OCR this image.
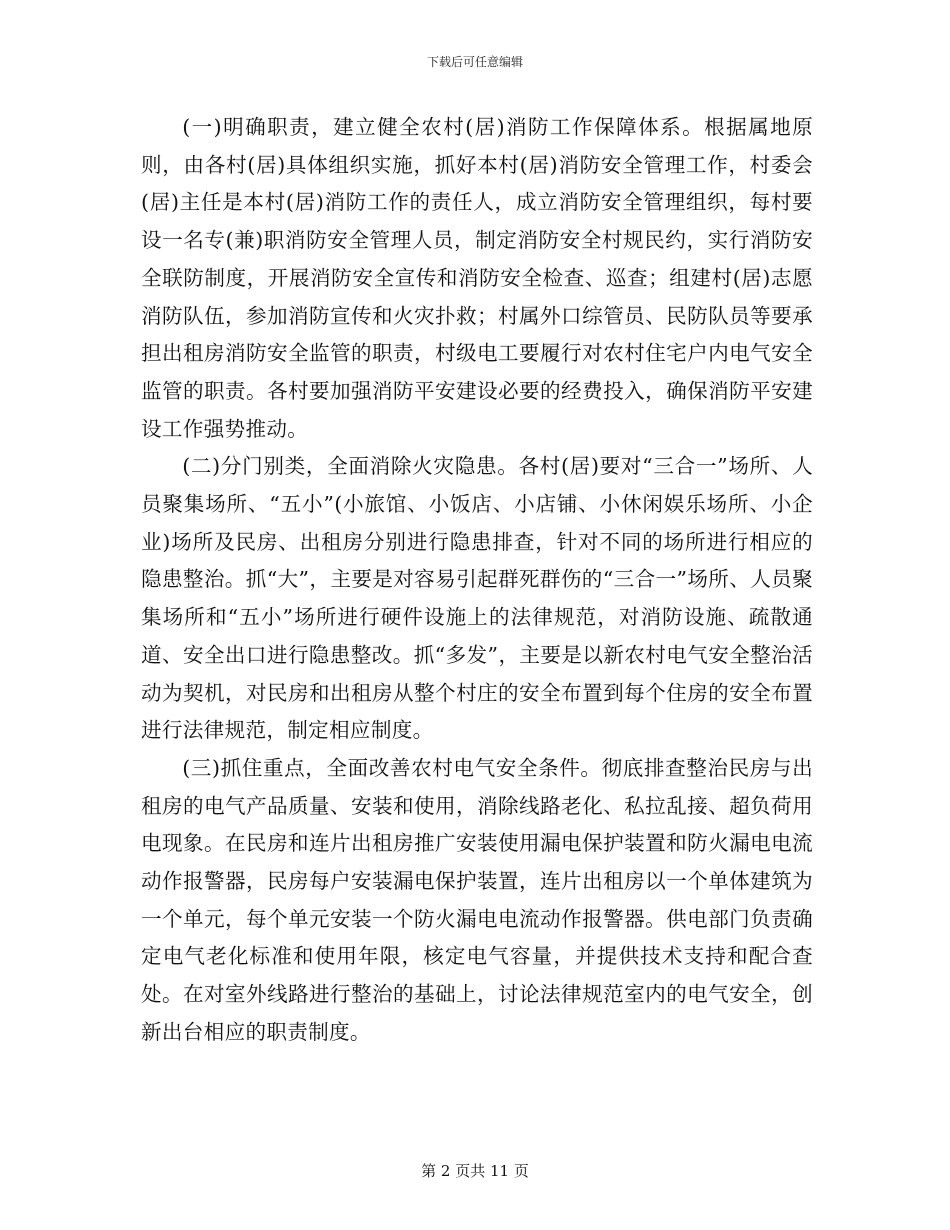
下载后可任意编辑

(一)明确职责，建立健全农村(居)消防工作保障体系。根据属地原则，由各村(居)具体组织实施，抓好本村(居)消防安全管理工作，村委会(居)主任是本村(居)消防工作的责任人，成立消防安全管理组织，每村要设一名专(兼)职消防安全管理人员，制定消防安全村规民约，实行消防安全联防制度，开展消防安全宣传和消防安全检查、巡查；组建村(居)志愿消防队伍，参加消防宣传和火灾扑救；村属外口综管员、民防队员等要承担出租房消防安全监管的职责，村级电工要履行对农村住宅户内电气安全监管的职责。各村要加强消防平安建设必要的经费投入，确保消防平安建设工作强势推动。

(二)分门别类，全面消除火灾隐患。各村(居)要对“三合一”场所、人员聚集场所、“五小”(小旅馆、小饭店、小店铺、小休闲娱乐场所、小企业)场所及民房、出租房分别进行隐患排查，针对不同的场所进行相应的隐患整治。抓“大”，主要是对容易引起群死群伤的“三合一”场所、人员聚集场所和“五小”场所进行硬件设施上的法律规范，对消防设施、疏散通道、安全出口进行隐患整改。抓“多发”，主要是以新农村电气安全整治活动为契机，对民房和出租房从整个村庄的安全布置到每个住房的安全布置进行法律规范，制定相应制度。

(三)抓住重点，全面改善农村电气安全条件。彻底排查整治民房与出租房的电气产品质量、安装和使用，消除线路老化、私拉乱接、超负荷用电现象。在民房和连片出租房推广安装使用漏电保护装置和防火漏电电流动作报警器，民房每户安装漏电保护装置，连片出租房以一个单体建筑为一个单元，每个单元安装一个防火漏电电流动作报警器。供电部门负责确定电气老化标准和使用年限，核定电气容量，并提供技术支持和配合查处。在对室外线路进行整治的基础上，讨论法律规范室内的电气安全，创新出台相应的职责制度。

第 2 页共 11 页
